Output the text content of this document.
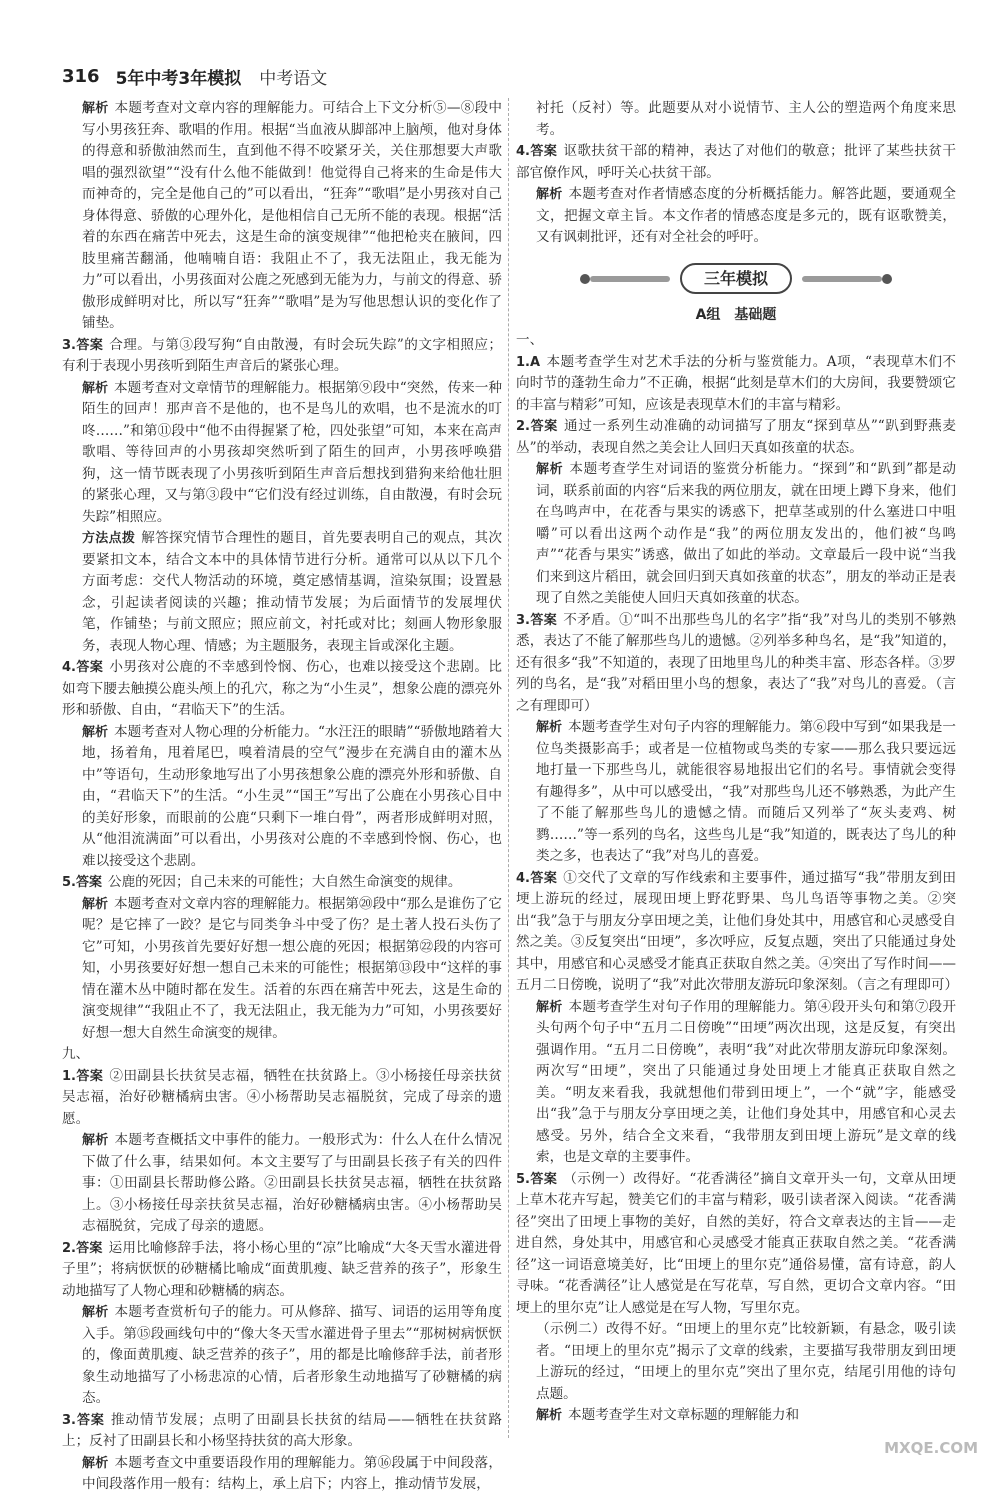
316 5年中考3年模拟 中考语文

解析 本题考查对文章内容的理解能力。可结合上下文分析⑤—⑧段中写小男孩狂奔、歌唱的作用。根据“当血液从脚部冲上脑颅，他对身体的得意和骄傲油然而生，直到他不得不咬紧牙关，关住那想要大声歌唱的强烈欲望”“没有什么他不能做到！他觉得自己将来的生命是伟大而神奇的，完全是他自己的”可以看出，“狂奔”“歌唱”是小男孩对自己身体得意、骄傲的心理外化，是他相信自己无所不能的表现。根据“活着的东西在痛苦中死去，这是生命的演变规律”“他把枪夹在腋间，四肢里痛苦翻涌，他喃喃自语：我阻止不了，我无法阻止，我无能为力”可以看出，小男孩面对公鹿之死感到无能为力，与前文的得意、骄傲形成鲜明对比，所以写“狂奔”“歌唱”是为写他思想认识的变化作了铺垫。

3.答案 合理。与第③段写狗“自由散漫，有时会玩失踪”的文字相照应；有利于表现小男孩听到陌生声音后的紧张心理。

解析 本题考查对文章情节的理解能力。根据第⑨段中“突然，传来一种陌生的回声！那声音不是他的，也不是鸟儿的欢唱，也不是流水的叮咚……”和第⑪段中“他不由得握紧了枪，四处张望”可知，本来在高声歌唱、等待回声的小男孩却突然听到了陌生的回声，小男孩呼唤猎狗，这一情节既表现了小男孩听到陌生声音后想找到猎狗来给他壮胆的紧张心理，又与第③段中“它们没有经过训练，自由散漫，有时会玩失踪”相照应。

方法点拨 解答探究情节合理性的题目，首先要表明自己的观点，其次要紧扣文本，结合文本中的具体情节进行分析。通常可以从以下几个方面考虑：交代人物活动的环境，奠定感情基调，渲染氛围；设置悬念，引起读者阅读的兴趣；推动情节发展；为后面情节的发展埋伏笔，作铺垫；与前文照应；照应前文，衬托或对比；刻画人物形象服务，表现人物心理、情感；为主题服务，表现主旨或深化主题。

4.答案 小男孩对公鹿的不幸感到怜悯、伤心，也难以接受这个悲剧。比如弯下腰去触摸公鹿头颅上的孔穴，称之为“小生灵”，想象公鹿的漂亮外形和骄傲、自由，“君临天下”的生活。

解析 本题考查对人物心理的分析能力。“水汪汪的眼睛”“骄傲地踏着大地，扬着角，甩着尾巴，嗅着清晨的空气”漫步在充满自由的灌木丛中”等语句，生动形象地写出了小男孩想象公鹿的漂亮外形和骄傲、自由，“君临天下”的生活。“小生灵”“国王”写出了公鹿在小男孩心目中的美好形象，而眼前的公鹿“只剩下一堆白骨”，两者形成鲜明对照，从“他泪流满面”可以看出，小男孩对公鹿的不幸感到怜悯、伤心，也难以接受这个悲剧。

5.答案 公鹿的死因；自己未来的可能性；大自然生命演变的规律。

解析 本题考查对文章内容的理解能力。根据第⑳段中“那么是谁伤了它呢？是它摔了一跤？是它与同类争斗中受了伤？是土著人投石头伤了它”可知，小男孩首先要好好想一想公鹿的死因；根据第㉒段的内容可知，小男孩要好好想一想自己未来的可能性；根据第⑬段中“这样的事情在灌木丛中随时都在发生。活着的东西在痛苦中死去，这是生命的演变规律”“我阻止不了，我无法阻止，我无能为力”可知，小男孩要好好想一想大自然生命演变的规律。

九、

1.答案 ②田副县长扶贫吴志福，牺牲在扶贫路上。③小杨接任母亲扶贫吴志福，治好砂糖橘病虫害。④小杨帮助吴志福脱贫，完成了母亲的遗愿。

解析 本题考查概括文中事件的能力。一般形式为：什么人在什么情况下做了什么事，结果如何。本文主要写了与田副县长孩子有关的四件事：①田副县长帮助修公路。②田副县长扶贫吴志福，牺牲在扶贫路上。③小杨接任母亲扶贫吴志福，治好砂糖橘病虫害。④小杨帮助吴志福脱贫，完成了母亲的遗愿。

2.答案 运用比喻修辞手法，将小杨心里的“凉”比喻成“大冬天雪水灌进骨子里”；将病恹恹的砂糖橘比喻成“面黄肌瘦、缺乏营养的孩子”，形象生动地描写了人物心理和砂糖橘的病态。

解析 本题考查赏析句子的能力。可从修辞、描写、词语的运用等角度入手。第⑮段画线句中的“像大冬天雪水灌进骨子里去”“那树树病恹恹的，像面黄肌瘦、缺乏营养的孩子”，用的都是比喻修辞手法，前者形象生动地描写了小杨悲凉的心情，后者形象生动地描写了砂糖橘的病态。

3.答案 推动情节发展；点明了田副县长扶贫的结局——牺牲在扶贫路上；反衬了田副县长和小杨坚持扶贫的高大形象。

解析 本题考查文中重要语段作用的理解能力。第⑯段属于中间段落，中间段落作用一般有：结构上，承上启下；内容上，推动情节发展，

衬托（反衬）等。此题要从对小说情节、主人公的塑造两个角度来思考。

4.答案 讴歌扶贫干部的精神，表达了对他们的敬意；批评了某些扶贫干部官僚作风，呼吁关心扶贫干部。

解析 本题考查对作者情感态度的分析概括能力。解答此题，要通观全文，把握文章主旨。本文作者的情感态度是多元的，既有讴歌赞美，又有讽刺批评，还有对全社会的呼吁。

三年模拟
A组　基础题

一、

1.A 本题考查学生对艺术手法的分析与鉴赏能力。A项，“表现草木们不向时节的蓬勃生命力”不正确，根据“此刻是草木们的大房间，我要赞颂它的丰富与精彩”可知，应该是表现草木们的丰富与精彩。

2.答案 通过一系列生动准确的动词描写了朋友“探到草丛”“趴到野燕麦丛”的举动，表现自然之美会让人回归天真如孩童的状态。

解析 本题考查学生对词语的鉴赏分析能力。“探到”和“趴到”都是动词，联系前面的内容“后来我的两位朋友，就在田埂上蹲下身来，他们在鸟鸣声中，在花香与果实的诱惑下，把草茎或别的什么塞进口中咀嚼”可以看出这两个动作是“我”的两位朋友发出的，他们被“鸟鸣声”“花香与果实”诱惑，做出了如此的举动。文章最后一段中说“当我们来到这片稻田，就会回归到天真如孩童的状态”，朋友的举动正是表现了自然之美能使人回归天真如孩童的状态。

3.答案 不矛盾。①“叫不出那些鸟儿的名字”指“我”对鸟儿的类别不够熟悉，表达了不能了解那些鸟儿的遗憾。②列举多种鸟名，是“我”知道的，还有很多“我”不知道的，表现了田地里鸟儿的种类丰富、形态各样。③罗列的鸟名，是“我”对稻田里小鸟的想象，表达了“我”对鸟儿的喜爱。（言之有理即可）

解析 本题考查学生对句子内容的理解能力。第⑥段中写到“如果我是一位鸟类摄影高手；或者是一位植物或鸟类的专家——那么我只要远远地打量一下那些鸟儿，就能很容易地报出它们的名号。事情就会变得有趣得多”，从中可以感受出，“我”对那些鸟儿还不够熟悉，为此产生了不能了解那些鸟儿的遗憾之情。而随后又列举了“灰头麦鸡、树鹨……”等一系列的鸟名，这些鸟儿是“我”知道的，既表达了鸟儿的种类之多，也表达了“我”对鸟儿的喜爱。

4.答案 ①交代了文章的写作线索和主要事件，通过描写“我”带朋友到田埂上游玩的经过，展现田埂上野花野果、鸟儿鸟语等事物之美。②突出“我”急于与朋友分享田埂之美，让他们身处其中，用感官和心灵感受自然之美。③反复突出“田埂”，多次呼应，反复点题，突出了只能通过身处其中，用感官和心灵感受才能真正获取自然之美。④突出了写作时间——五月二日傍晚，说明了“我”对此次带朋友游玩印象深刻。（言之有理即可）

解析 本题考查学生对句子作用的理解能力。第④段开头句和第⑦段开头句两个句子中“五月二日傍晚”“田埂”两次出现，这是反复，有突出强调作用。“五月二日傍晚”，表明“我”对此次带朋友游玩印象深刻。两次写“田埂”，突出了只能通过身处田埂上才能真正获取自然之美。“明友来看我，我就想他们带到田埂上”，一个“就”字，能感受出“我”急于与朋友分享田埂之美，让他们身处其中，用感官和心灵去感受。另外，结合全文来看，“我带朋友到田埂上游玩”是文章的线索，也是文章的主要事件。

5.答案 （示例一）改得好。“花香满径”摘自文章开头一句，文章从田埂上草木花卉写起，赞美它们的丰富与精彩，吸引读者深入阅读。“花香满径”突出了田埂上事物的美好，自然的美好，符合文章表达的主旨——走进自然，身处其中，用感官和心灵感受才能真正获取自然之美。“花香满径”这一词语意境美好，比“田埂上的里尔克”通俗易懂，富有诗意，韵人寻味。“花香满径”让人感觉是在写花草，写自然，更切合文章内容。“田埂上的里尔克”让人感觉是在写人物，写里尔克。

（示例二）改得不好。“田埂上的里尔克”比较新颖，有悬念，吸引读者。“田埂上的里尔克”揭示了文章的线索，主要描写我带朋友到田埂上游玩的经过，“田埂上的里尔克”突出了里尔克，结尾引用他的诗句点题。

解析 本题考查学生对文章标题的理解能力和

MXQE.COM
